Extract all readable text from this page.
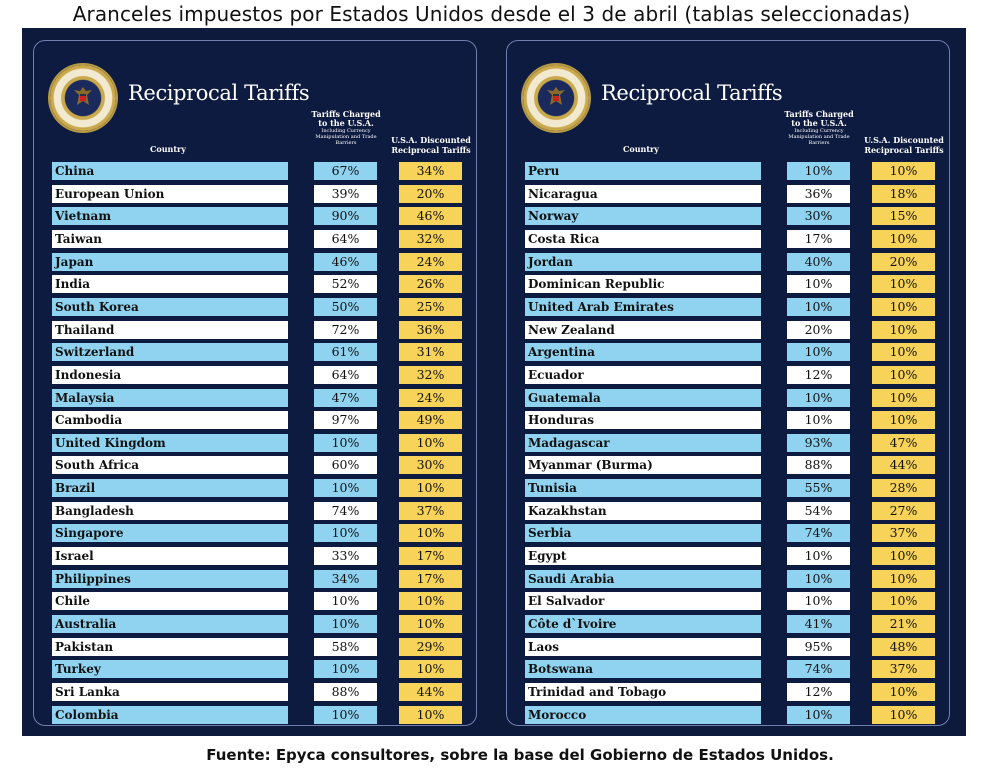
Aranceles impuestos por Estados Unidos desde el 3 de abril (tablas seleccionadas)
Reciprocal Tariffs
Country
Tariffs Charged to the U.S.A.
Including Currency Manipulation and Trade Barriers	U.S.A. Discounted Reciprocal Tariffs
China	67%	34%
European Union	39%	20%
Vietnam	90%	46%
Taiwan	64%	32%
Japan	46%	24%
India	52%	26%
South Korea	50%	25%
Thailand	72%	36%
Switzerland	61%	31%
Indonesia	64%	32%
Malaysia	47%	24%
Cambodia	97%	49%
United Kingdom	10%	10%
South Africa	60%	30%
Brazil	10%	10%
Bangladesh	74%	37%
Singapore	10%	10%
Israel	33%	17%
Philippines	34%	17%
Chile	10%	10%
Australia	10%	10%
Pakistan	58%	29%
Turkey	10%	10%
Sri Lanka	88%	44%
Colombia	10%	10%
Reciprocal Tariffs
Country
Tariffs Charged to the U.S.A.
Including Currency Manipulation and Trade Barriers	U.S.A. Discounted Reciprocal Tariffs
Peru	10%	10%
Nicaragua	36%	18%
Norway	30%	15%
Costa Rica	17%	10%
Jordan	40%	20%
Dominican Republic	10%	10%
United Arab Emirates	10%	10%
New Zealand	20%	10%
Argentina	10%	10%
Ecuador	12%	10%
Guatemala	10%	10%
Honduras	10%	10%
Madagascar	93%	47%
Myanmar (Burma)	88%	44%
Tunisia	55%	28%
Kazakhstan	54%	27%
Serbia	74%	37%
Egypt	10%	10%
Saudi Arabia	10%	10%
El Salvador	10%	10%
Côte d`Ivoire	41%	21%
Laos	95%	48%
Botswana	74%	37%
Trinidad and Tobago	12%	10%
Morocco	10%	10%
Fuente: Epyca consultores, sobre la base del Gobierno de Estados Unidos.
